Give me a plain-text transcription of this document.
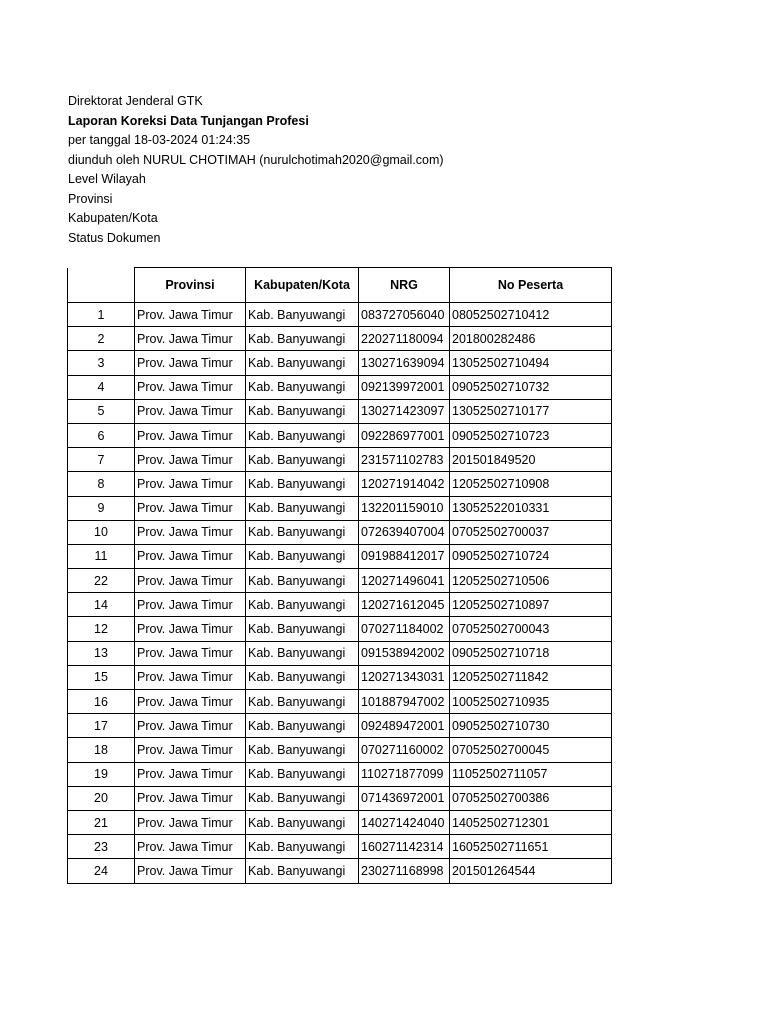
Direktorat Jenderal GTK
Laporan Koreksi Data Tunjangan Profesi
per tanggal 18-03-2024 01:24:35
diunduh oleh NURUL CHOTIMAH (nurulchotimah2020@gmail.com)
Level Wilayah
Provinsi
Kabupaten/Kota
Status Dokumen
	Provinsi	Kabupaten/Kota	NRG	No Peserta
1	Prov. Jawa Timur	Kab. Banyuwangi	083727056040	08052502710412
2	Prov. Jawa Timur	Kab. Banyuwangi	220271180094	201800282486
3	Prov. Jawa Timur	Kab. Banyuwangi	130271639094	13052502710494
4	Prov. Jawa Timur	Kab. Banyuwangi	092139972001	09052502710732
5	Prov. Jawa Timur	Kab. Banyuwangi	130271423097	13052502710177
6	Prov. Jawa Timur	Kab. Banyuwangi	092286977001	09052502710723
7	Prov. Jawa Timur	Kab. Banyuwangi	231571102783	201501849520
8	Prov. Jawa Timur	Kab. Banyuwangi	120271914042	12052502710908
9	Prov. Jawa Timur	Kab. Banyuwangi	132201159010	13052522010331
10	Prov. Jawa Timur	Kab. Banyuwangi	072639407004	07052502700037
11	Prov. Jawa Timur	Kab. Banyuwangi	091988412017	09052502710724
22	Prov. Jawa Timur	Kab. Banyuwangi	120271496041	12052502710506
14	Prov. Jawa Timur	Kab. Banyuwangi	120271612045	12052502710897
12	Prov. Jawa Timur	Kab. Banyuwangi	070271184002	07052502700043
13	Prov. Jawa Timur	Kab. Banyuwangi	091538942002	09052502710718
15	Prov. Jawa Timur	Kab. Banyuwangi	120271343031	12052502711842
16	Prov. Jawa Timur	Kab. Banyuwangi	101887947002	10052502710935
17	Prov. Jawa Timur	Kab. Banyuwangi	092489472001	09052502710730
18	Prov. Jawa Timur	Kab. Banyuwangi	070271160002	07052502700045
19	Prov. Jawa Timur	Kab. Banyuwangi	110271877099	11052502711057
20	Prov. Jawa Timur	Kab. Banyuwangi	071436972001	07052502700386
21	Prov. Jawa Timur	Kab. Banyuwangi	140271424040	14052502712301
23	Prov. Jawa Timur	Kab. Banyuwangi	160271142314	16052502711651
24	Prov. Jawa Timur	Kab. Banyuwangi	230271168998	201501264544
